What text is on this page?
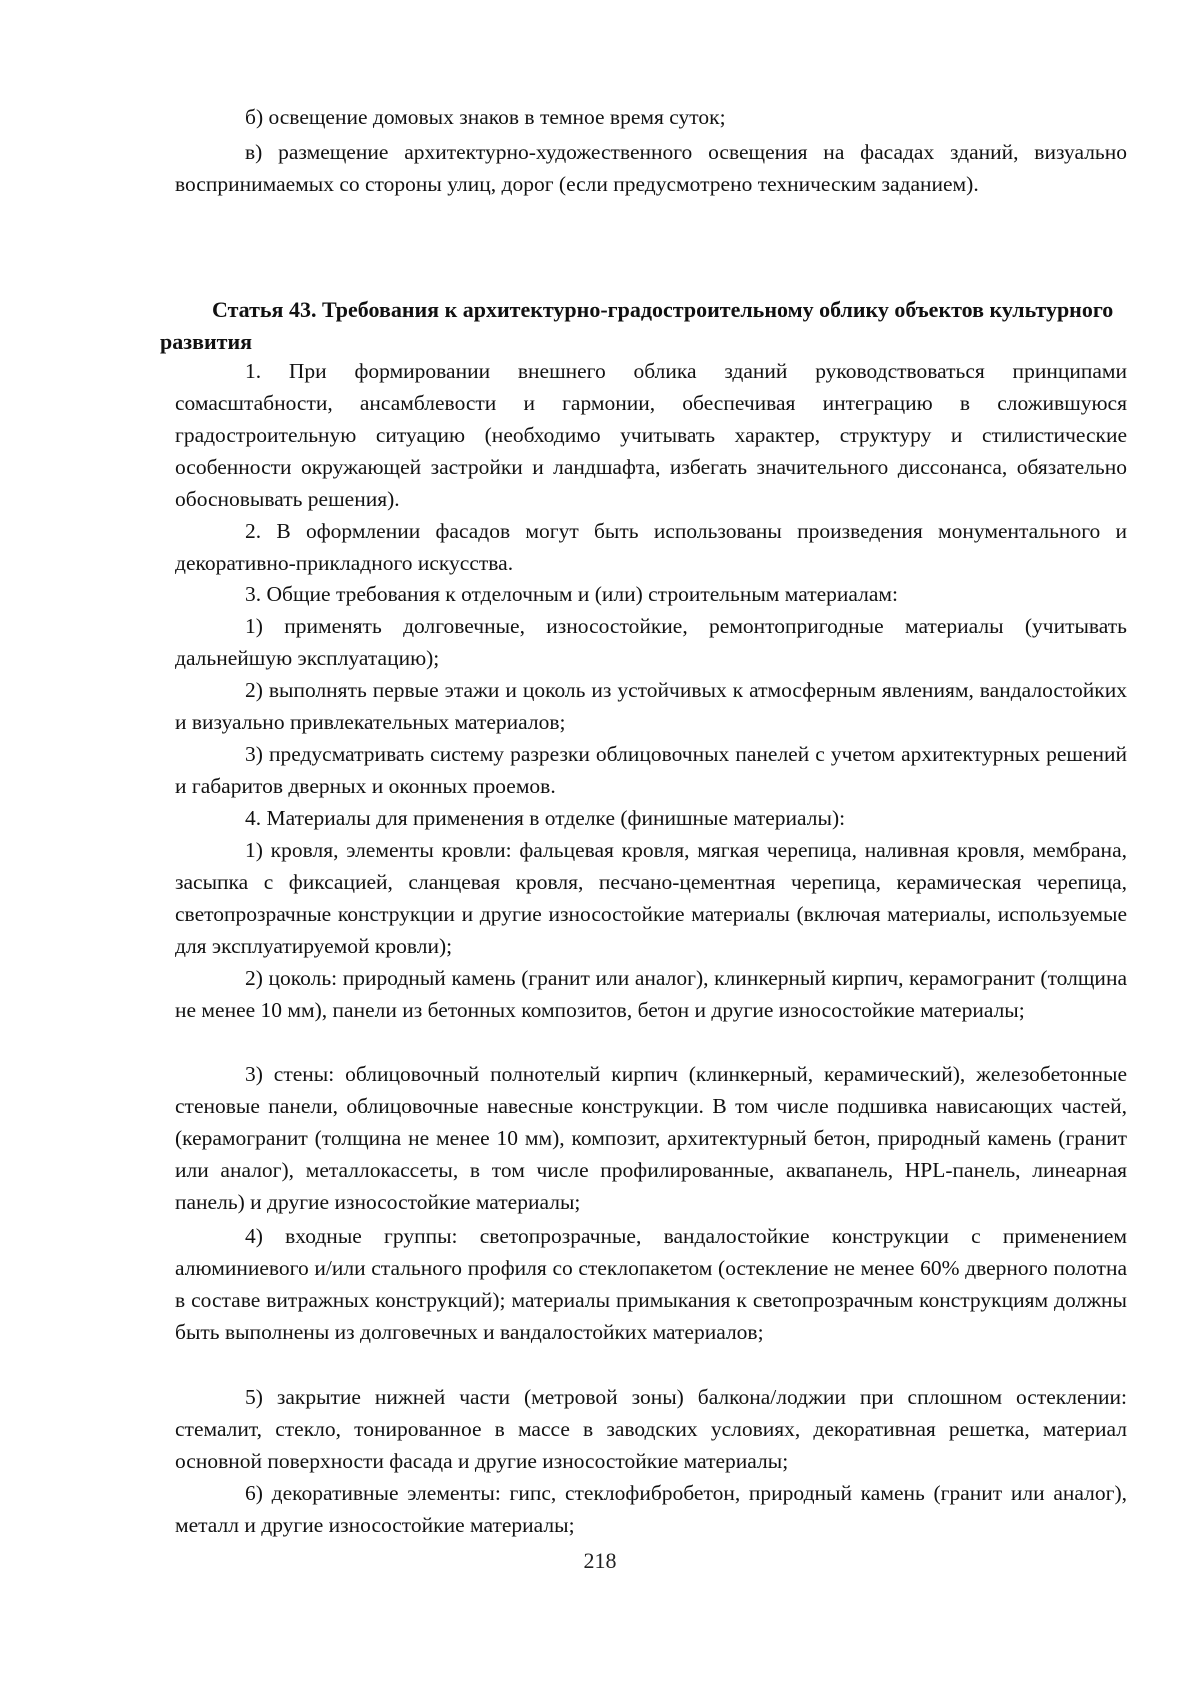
б) освещение домовых знаков в темное время суток;

в) размещение архитектурно-художественного освещения на фасадах зданий, визуально воспринимаемых со стороны улиц, дорог (если предусмотрено техническим заданием).

Статья 43. Требования к архитектурно-градостроительному облику объектов культурного развития

1. При формировании внешнего облика зданий руководствоваться принципами сомасштабности, ансамблевости и гармонии, обеспечивая интеграцию в сложившуюся градостроительную ситуацию (необходимо учитывать характер, структуру и стилистические особенности окружающей застройки и ландшафта, избегать значительного диссонанса, обязательно обосновывать решения).

2. В оформлении фасадов могут быть использованы произведения монументального и декоративно-прикладного искусства.

3. Общие требования к отделочным и (или) строительным материалам:

1) применять долговечные, износостойкие, ремонтопригодные материалы (учитывать дальнейшую эксплуатацию);

2) выполнять первые этажи и цоколь из устойчивых к атмосферным явлениям, вандалостойких и визуально привлекательных материалов;

3) предусматривать систему разрезки облицовочных панелей с учетом архитектурных решений и габаритов дверных и оконных проемов.

4. Материалы для применения в отделке (финишные материалы):

1) кровля, элементы кровли: фальцевая кровля, мягкая черепица, наливная кровля, мембрана, засыпка с фиксацией, сланцевая кровля, песчано-цементная черепица, керамическая черепица, светопрозрачные конструкции и другие износостойкие материалы (включая материалы, используемые для эксплуатируемой кровли);

2) цоколь: природный камень (гранит или аналог), клинкерный кирпич, керамогранит (толщина не менее 10 мм), панели из бетонных композитов, бетон и другие износостойкие материалы;

3) стены: облицовочный полнотелый кирпич (клинкерный, керамический), железобетонные стеновые панели, облицовочные навесные конструкции. В том числе подшивка нависающих частей, (керамогранит (толщина не менее 10 мм), композит, архитектурный бетон, природный камень (гранит или аналог), металлокассеты, в том числе профилированные, аквапанель, HPL-панель, линеарная панель) и другие износостойкие материалы;

4) входные группы: светопрозрачные, вандалостойкие конструкции с применением алюминиевого и/или стального профиля со стеклопакетом (остекление не менее 60% дверного полотна в составе витражных конструкций); материалы примыкания к светопрозрачным конструкциям должны быть выполнены из долговечных и вандалостойких материалов;

5) закрытие нижней части (метровой зоны) балкона/лоджии при сплошном остеклении: стемалит, стекло, тонированное в массе в заводских условиях, декоративная решетка, материал основной поверхности фасада и другие износостойкие материалы;

6) декоративные элементы: гипс, стеклофибробетон, природный камень (гранит или аналог), металл и другие износостойкие материалы;

218
